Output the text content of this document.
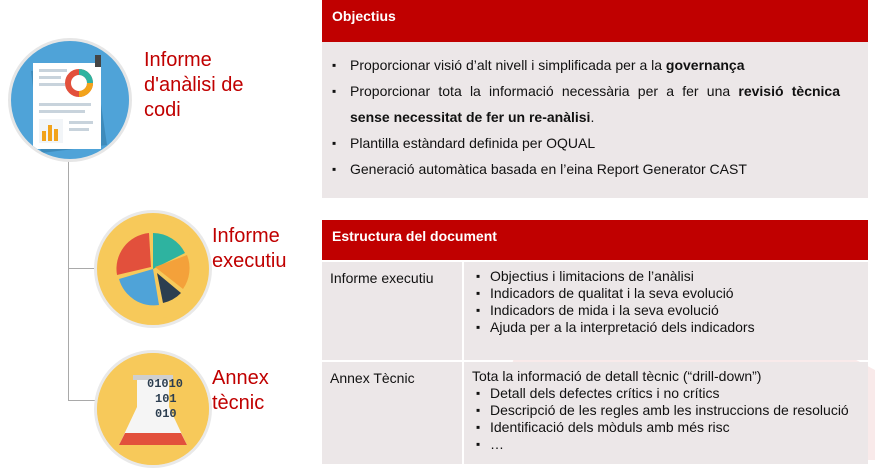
01010
101
010
Informe d'anàlisi de codi
Informe executiu
Annex tècnic
Objectius
▪ Proporcionar visió d’alt nivell i simplificada per a la governança
▪ Proporcionar tota la informació necessària per a fer una revisió tècnica sense necessitat de fer un re-anàlisi.
▪ Plantilla estàndard definida per OQUAL
▪ Generació automàtica basada en l’eina Report Generator CAST
Estructura del document
Informe executiu
▪	Objectius i limitacions de l’anàlisi
▪ Indicadors de qualitat i la seva evolució
▪ Indicadors de mida i la seva evolució
▪ Ajuda per a la interpretació dels indicadors
Annex Tècnic	Tota la informació de detall tècnic (“drill-down”)
▪ Detall dels defectes crítics i no crítics
▪ Descripció de les regles amb les instruccions de resolució
▪ Identificació dels mòduls amb més risc
▪ …
